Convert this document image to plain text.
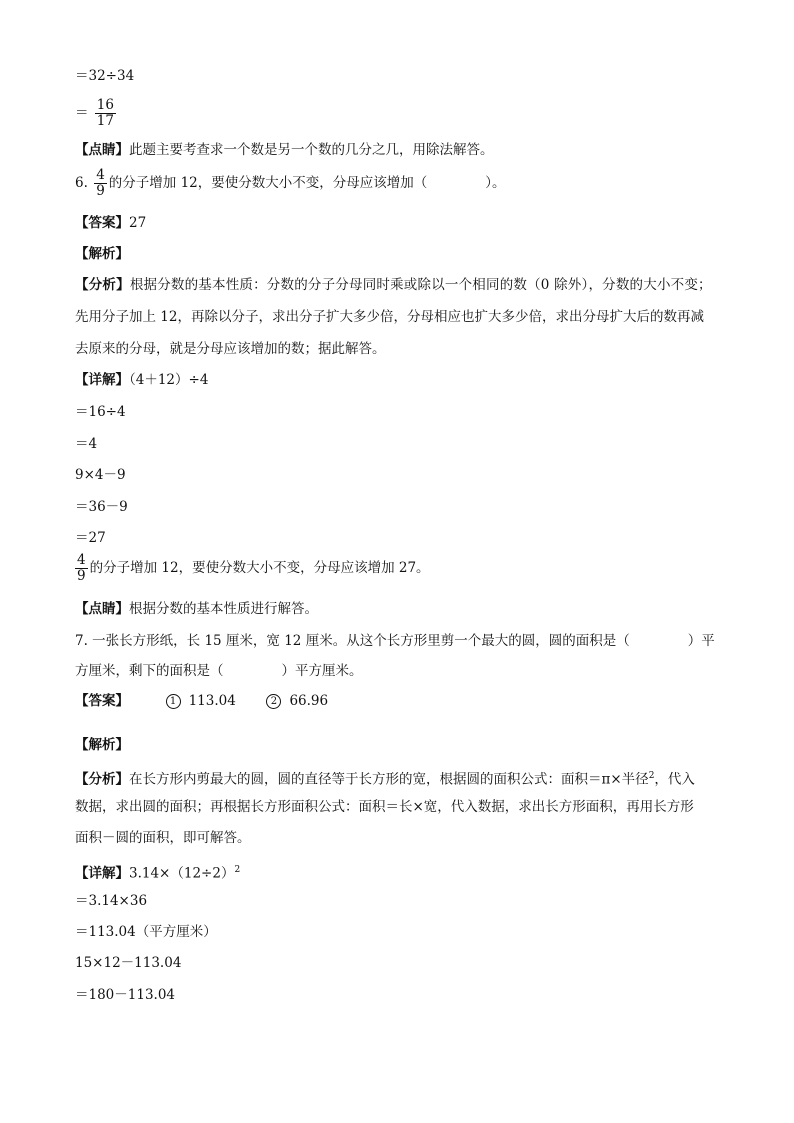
＝32÷34
＝ $\frac{16}{17}$
【点睛】此题主要考查求一个数是另一个数的几分之几，用除法解答。
6. $\frac{4}{9}$ 的分子增加 12，要使分数大小不变，分母应该增加（	）。
【答案】27
【解析】
【分析】根据分数的基本性质：分数的分子分母同时乘或除以一个相同的数（0 除外），分数的大小不变；
先用分子加上 12，再除以分子，求出分子扩大多少倍，分母相应也扩大多少倍，求出分母扩大后的数再减
去原来的分母，就是分母应该增加的数；据此解答。
【详解】（4＋12）÷4
＝16÷4
＝4
9×4－9
＝36－9
＝27
$\frac{4}{9}$ 的分子增加 12，要使分数大小不变，分母应该增加 27。
【点睛】根据分数的基本性质进行解答。
7. 一张长方形纸，长 15 厘米，宽 12 厘米。从这个长方形里剪一个最大的圆，圆的面积是（	）平
方厘米，剩下的面积是（	）平方厘米。
【答案】	1 113.04	2 66.96
【解析】
【分析】在长方形内剪最大的圆，圆的直径等于长方形的宽，根据圆的面积公式：面积＝π×半径$^2$，代入
数据，求出圆的面积；再根据长方形面积公式：面积＝长×宽，代入数据，求出长方形面积，再用长方形
面积－圆的面积，即可解答。
【详解】$3.14\times(12\div 2)^2$
＝3.14×36
＝113.04（平方厘米）
15×12－113.04
＝180－113.04
